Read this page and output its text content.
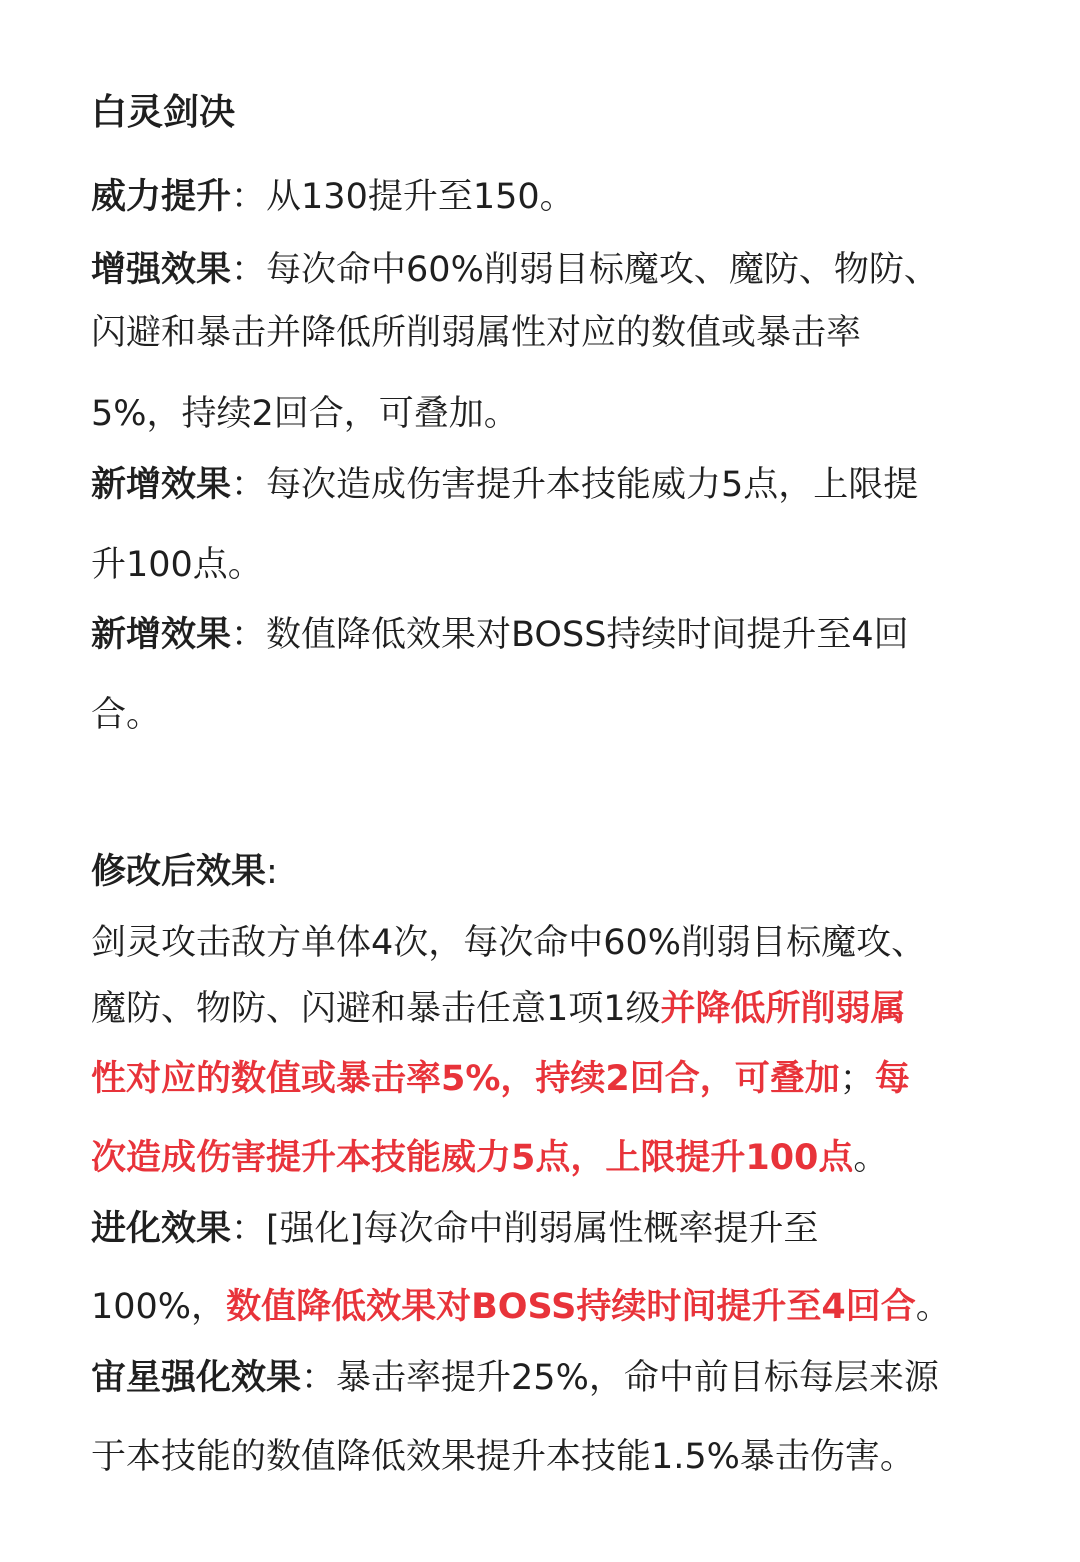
白灵剑决
威力提升：从130提升至150。
增强效果：每次命中60%削弱目标魔攻、魔防、物防、
闪避和暴击并降低所削弱属性对应的数值或暴击率
5%，持续2回合，可叠加。
新增效果：每次造成伤害提升本技能威力5点，上限提
升100点。
新增效果：数值降低效果对BOSS持续时间提升至4回
合。
修改后效果:
剑灵攻击敌方单体4次，每次命中60%削弱目标魔攻、
魔防、物防、闪避和暴击任意1项1级并降低所削弱属
性对应的数值或暴击率5%，持续2回合，可叠加；每
次造成伤害提升本技能威力5点，上限提升100点。
进化效果：[强化]每次命中削弱属性概率提升至
100%，数值降低效果对BOSS持续时间提升至4回合。
宙星强化效果：暴击率提升25%，命中前目标每层来源
于本技能的数值降低效果提升本技能1.5%暴击伤害。
